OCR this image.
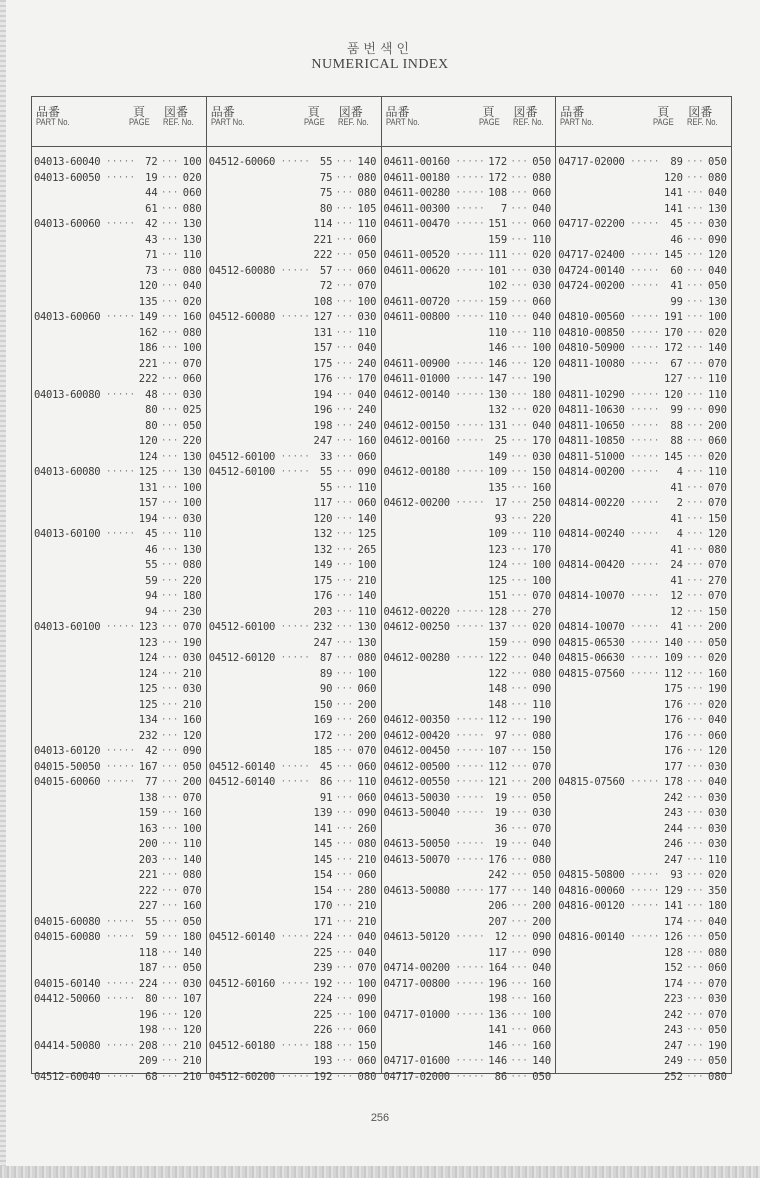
품번색인
NUMERICAL INDEX
品番
PART No.
頁
PAGE
図番
REF. No.
04013-60040 ····· 72 ··· 100
04013-60050 ····· 19 ··· 020
44 ··· 060
61 ··· 080
04013-60060 ····· 42 ··· 130
43 ··· 130
71 ··· 110
73 ··· 080
120 ··· 040
135 ··· 020
04013-60060 ····· 149 ··· 160
162 ··· 080
186 ··· 100
221 ··· 070
222 ··· 060
04013-60080 ····· 48 ··· 030
80 ··· 025
80 ··· 050
120 ··· 220
124 ··· 130
04013-60080 ····· 125 ··· 130
131 ··· 100
157 ··· 100
194 ··· 030
04013-60100 ····· 45 ··· 110
46 ··· 130
55 ··· 080
59 ··· 220
94 ··· 180
94 ··· 230
04013-60100 ····· 123 ··· 070
123 ··· 190
124 ··· 030
124 ··· 210
125 ··· 030
125 ··· 210
134 ··· 160
232 ··· 120
04013-60120 ····· 42 ··· 090
04015-50050 ····· 167 ··· 050
04015-60060 ····· 77 ··· 200
138 ··· 070
159 ··· 160
163 ··· 100
200 ··· 110
203 ··· 140
221 ··· 080
222 ··· 070
227 ··· 160
04015-60080 ····· 55 ··· 050
04015-60080 ····· 59 ··· 180
118 ··· 140
187 ··· 050
04015-60140 ····· 224 ··· 030
04412-50060 ····· 80 ··· 107
196 ··· 120
198 ··· 120
04414-50080 ····· 208 ··· 210
209 ··· 210
04512-60040 ····· 68 ··· 210
品番
PART No.
頁
PAGE
図番
REF. No.
04512-60060 ····· 55 ··· 140
75 ··· 080
75 ··· 080
80 ··· 105
114 ··· 110
221 ··· 060
222 ··· 050
04512-60080 ····· 57 ··· 060
72 ··· 070
108 ··· 100
04512-60080 ····· 127 ··· 030
131 ··· 110
157 ··· 040
175 ··· 240
176 ··· 170
194 ··· 040
196 ··· 240
198 ··· 240
247 ··· 160
04512-60100 ····· 33 ··· 060
04512-60100 ····· 55 ··· 090
55 ··· 110
117 ··· 060
120 ··· 140
132 ··· 125
132 ··· 265
149 ··· 100
175 ··· 210
176 ··· 140
203 ··· 110
04512-60100 ····· 232 ··· 130
247 ··· 130
04512-60120 ····· 87 ··· 080
89 ··· 100
90 ··· 060
150 ··· 200
169 ··· 260
172 ··· 200
185 ··· 070
04512-60140 ····· 45 ··· 060
04512-60140 ····· 86 ··· 110
91 ··· 060
139 ··· 090
141 ··· 260
145 ··· 080
145 ··· 210
154 ··· 060
154 ··· 280
170 ··· 210
171 ··· 210
04512-60140 ····· 224 ··· 040
225 ··· 040
239 ··· 070
04512-60160 ····· 192 ··· 100
224 ··· 090
225 ··· 100
226 ··· 060
04512-60180 ····· 188 ··· 150
193 ··· 060
04512-60200 ····· 192 ··· 080
品番
PART No.
頁
PAGE
図番
REF. No.
04611-00160 ····· 172 ··· 050
04611-00180 ····· 172 ··· 080
04611-00280 ····· 108 ··· 060
04611-00300 ····· 7 ··· 040
04611-00470 ····· 151 ··· 060
159 ··· 110
04611-00520 ····· 111 ··· 020
04611-00620 ····· 101 ··· 030
102 ··· 030
04611-00720 ····· 159 ··· 060
04611-00800 ····· 110 ··· 040
110 ··· 110
146 ··· 100
04611-00900 ····· 146 ··· 120
04611-01000 ····· 147 ··· 190
04612-00140 ····· 130 ··· 180
132 ··· 020
04612-00150 ····· 131 ··· 040
04612-00160 ····· 25 ··· 170
149 ··· 030
04612-00180 ····· 109 ··· 150
135 ··· 160
04612-00200 ····· 17 ··· 250
93 ··· 220
109 ··· 110
123 ··· 170
124 ··· 100
125 ··· 100
151 ··· 070
04612-00220 ····· 128 ··· 270
04612-00250 ····· 137 ··· 020
159 ··· 090
04612-00280 ····· 122 ··· 040
122 ··· 080
148 ··· 090
148 ··· 110
04612-00350 ····· 112 ··· 190
04612-00420 ····· 97 ··· 080
04612-00450 ····· 107 ··· 150
04612-00500 ····· 112 ··· 070
04612-00550 ····· 121 ··· 200
04613-50030 ····· 19 ··· 050
04613-50040 ····· 19 ··· 030
36 ··· 070
04613-50050 ····· 19 ··· 040
04613-50070 ····· 176 ··· 080
242 ··· 050
04613-50080 ····· 177 ··· 140
206 ··· 200
207 ··· 200
04613-50120 ····· 12 ··· 090
117 ··· 090
04714-00200 ····· 164 ··· 040
04717-00800 ····· 196 ··· 160
198 ··· 160
04717-01000 ····· 136 ··· 100
141 ··· 060
146 ··· 160
04717-01600 ····· 146 ··· 140
04717-02000 ····· 86 ··· 050
品番
PART No.
頁
PAGE
図番
REF. No.
04717-02000 ····· 89 ··· 050
120 ··· 080
141 ··· 040
141 ··· 130
04717-02200 ····· 45 ··· 030
46 ··· 090
04717-02400 ····· 145 ··· 120
04724-00140 ····· 60 ··· 040
04724-00200 ····· 41 ··· 050
99 ··· 130
04810-00560 ····· 191 ··· 100
04810-00850 ····· 170 ··· 020
04810-50900 ····· 172 ··· 140
04811-10080 ····· 67 ··· 070
127 ··· 110
04811-10290 ····· 120 ··· 110
04811-10630 ····· 99 ··· 090
04811-10650 ····· 88 ··· 200
04811-10850 ····· 88 ··· 060
04811-51000 ····· 145 ··· 020
04814-00200 ····· 4 ··· 110
41 ··· 070
04814-00220 ····· 2 ··· 070
41 ··· 150
04814-00240 ····· 4 ··· 120
41 ··· 080
04814-00420 ····· 24 ··· 070
41 ··· 270
04814-10070 ····· 12 ··· 070
12 ··· 150
04814-10070 ····· 41 ··· 200
04815-06530 ····· 140 ··· 050
04815-06630 ····· 109 ··· 020
04815-07560 ····· 112 ··· 160
175 ··· 190
176 ··· 020
176 ··· 040
176 ··· 060
176 ··· 120
177 ··· 030
04815-07560 ····· 178 ··· 040
242 ··· 030
243 ··· 030
244 ··· 030
246 ··· 030
247 ··· 110
04815-50800 ····· 93 ··· 020
04816-00060 ····· 129 ··· 350
04816-00120 ····· 141 ··· 180
174 ··· 040
04816-00140 ····· 126 ··· 050
128 ··· 080
152 ··· 060
174 ··· 070
223 ··· 030
242 ··· 070
243 ··· 050
247 ··· 190
249 ··· 050
252 ··· 080
256
